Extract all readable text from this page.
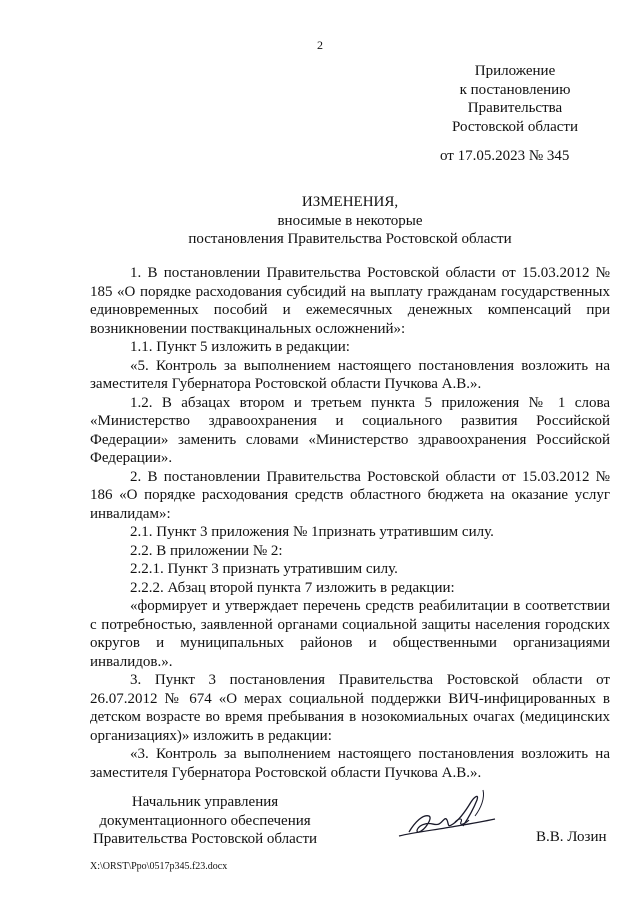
2
Приложение
к постановлению
Правительства
Ростовской области
от 17.05.2023 № 345
ИЗМЕНЕНИЯ,
вносимые в некоторые
постановления Правительства Ростовской области

1. В постановлении Правительства Ростовской области от 15.03.2012 № 185 «О порядке расходования субсидий на выплату гражданам государственных единовременных пособий и ежемесячных денежных компенсаций при возникновении поствакцинальных осложнений»:

1.1. Пункт 5 изложить в редакции:

«5. Контроль за выполнением настоящего постановления возложить на заместителя Губернатора Ростовской области Пучкова А.В.».

1.2. В абзацах втором и третьем пункта 5 приложения № 1 слова «Министерство здравоохранения и социального развития Российской Федерации» заменить словами «Министерство здравоохранения Российской Федерации».

2. В постановлении Правительства Ростовской области от 15.03.2012 № 186 «О порядке расходования средств областного бюджета на оказание услуг инвалидам»:

2.1. Пункт 3 приложения № 1признать утратившим силу.

2.2. В приложении № 2:

2.2.1. Пункт 3 признать утратившим силу.

2.2.2. Абзац второй пункта 7 изложить в редакции:

«формирует и утверждает перечень средств реабилитации в соответствии с потребностью, заявленной органами социальной защиты населения городских округов и муниципальных районов и общественными организациями инвалидов.».

3. Пункт 3 постановления Правительства Ростовской области от 26.07.2012 № 674 «О мерах социальной поддержки ВИЧ-инфицированных в детском возрасте во время пребывания в нозокомиальных очагах (медицинских организациях)» изложить в редакции:

«3. Контроль за выполнением настоящего постановления возложить на заместителя Губернатора Ростовской области Пучкова А.В.».

Начальник управления
документационного обеспечения
Правительства Ростовской области	В.В. Лозин
X:\ORST\Ppo\0517p345.f23.docx
